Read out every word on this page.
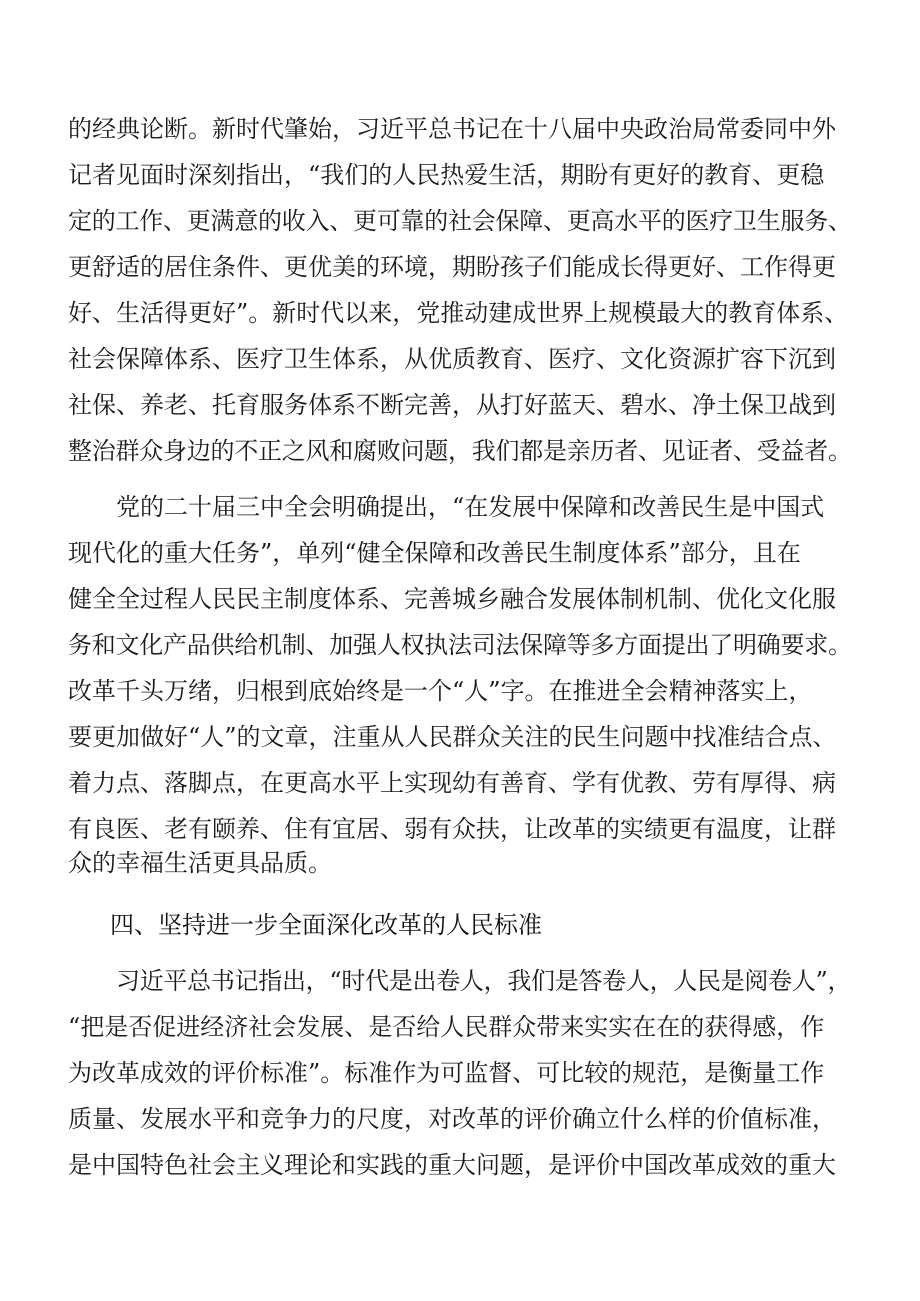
的经典论断。新时代肇始，习近平总书记在十八届中央政治局常委同中外
记者见面时深刻指出，“我们的人民热爱生活，期盼有更好的教育、更稳
定的工作、更满意的收入、更可靠的社会保障、更高水平的医疗卫生服务、
更舒适的居住条件、更优美的环境，期盼孩子们能成长得更好、工作得更
好、生活得更好”。新时代以来，党推动建成世界上规模最大的教育体系、
社会保障体系、医疗卫生体系，从优质教育、医疗、文化资源扩容下沉到
社保、养老、托育服务体系不断完善，从打好蓝天、碧水、净土保卫战到
整治群众身边的不正之风和腐败问题，我们都是亲历者、见证者、受益者。
党的二十届三中全会明确提出，“在发展中保障和改善民生是中国式
现代化的重大任务”，单列“健全保障和改善民生制度体系”部分，且在
健全全过程人民民主制度体系、完善城乡融合发展体制机制、优化文化服
务和文化产品供给机制、加强人权执法司法保障等多方面提出了明确要求。
改革千头万绪，归根到底始终是一个“人”字。在推进全会精神落实上，
要更加做好“人”的文章，注重从人民群众关注的民生问题中找准结合点、
着力点、落脚点，在更高水平上实现幼有善育、学有优教、劳有厚得、病
有良医、老有颐养、住有宜居、弱有众扶，让改革的实绩更有温度，让群
众的幸福生活更具品质。
四、坚持进一步全面深化改革的人民标准
习近平总书记指出，“时代是出卷人，我们是答卷人，人民是阅卷人”，
“把是否促进经济社会发展、是否给人民群众带来实实在在的获得感，作
为改革成效的评价标准”。标准作为可监督、可比较的规范，是衡量工作
质量、发展水平和竞争力的尺度，对改革的评价确立什么样的价值标准，
是中国特色社会主义理论和实践的重大问题，是评价中国改革成效的重大
